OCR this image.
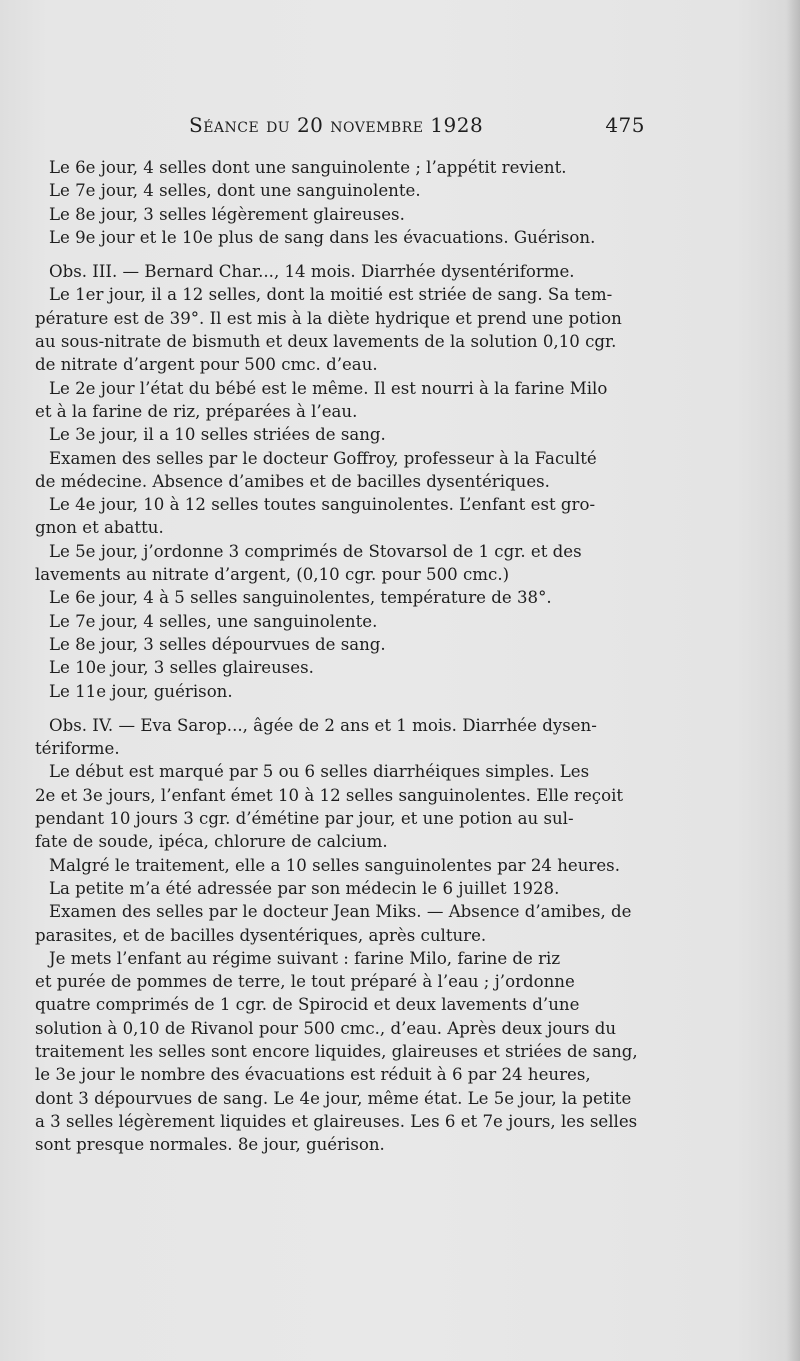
Séance du 20 novembre 1928	475
Le 6e jour, 4 selles dont une sanguinolente ; l’appétit revient.
Le 7e jour, 4 selles, dont une sanguinolente.
Le 8e jour, 3 selles légèrement glaireuses.
Le 9e jour et le 10e plus de sang dans les évacuations. Guérison.
Obs. III. — Bernard Char..., 14 mois. Diarrhée dysentériforme.
Le 1er jour, il a 12 selles, dont la moitié est striée de sang. Sa tem-
pérature est de 39°. Il est mis à la diète hydrique et prend une potion
au sous-nitrate de bismuth et deux lavements de la solution 0,10 cgr.
de nitrate d’argent pour 500 cmc. d’eau.
Le 2e jour l’état du bébé est le même. Il est nourri à la farine Milo
et à la farine de riz, préparées à l’eau.
Le 3e jour, il a 10 selles striées de sang.
Examen des selles par le docteur Goffroy, professeur à la Faculté
de médecine. Absence d’amibes et de bacilles dysentériques.
Le 4e jour, 10 à 12 selles toutes sanguinolentes. L’enfant est gro-
gnon et abattu.
Le 5e jour, j’ordonne 3 comprimés de Stovarsol de 1 cgr. et des
lavements au nitrate d’argent, (0,10 cgr. pour 500 cmc.)
Le 6e jour, 4 à 5 selles sanguinolentes, température de 38°.
Le 7e jour, 4 selles, une sanguinolente.
Le 8e jour, 3 selles dépourvues de sang.
Le 10e jour, 3 selles glaireuses.
Le 11e jour, guérison.
Obs. IV. — Eva Sarop..., âgée de 2 ans et 1 mois. Diarrhée dysen-
tériforme.
Le début est marqué par 5 ou 6 selles diarrhéiques simples. Les
2e et 3e jours, l’enfant émet 10 à 12 selles sanguinolentes. Elle reçoit
pendant 10 jours 3 cgr. d’émétine par jour, et une potion au sul-
fate de soude, ipéca, chlorure de calcium.
Malgré le traitement, elle a 10 selles sanguinolentes par 24 heures.
La petite m’a été adressée par son médecin le 6 juillet 1928.
Examen des selles par le docteur Jean Miks. — Absence d’amibes, de
parasites, et de bacilles dysentériques, après culture.
Je mets l’enfant au régime suivant : farine Milo, farine de riz
et purée de pommes de terre, le tout préparé à l’eau ; j’ordonne
quatre comprimés de 1 cgr. de Spirocid et deux lavements d’une
solution à 0,10 de Rivanol pour 500 cmc., d’eau. Après deux jours du
traitement les selles sont encore liquides, glaireuses et striées de sang,
le 3e jour le nombre des évacuations est réduit à 6 par 24 heures,
dont 3 dépourvues de sang. Le 4e jour, même état. Le 5e jour, la petite
a 3 selles légèrement liquides et glaireuses. Les 6 et 7e jours, les selles
sont presque normales. 8e jour, guérison.
